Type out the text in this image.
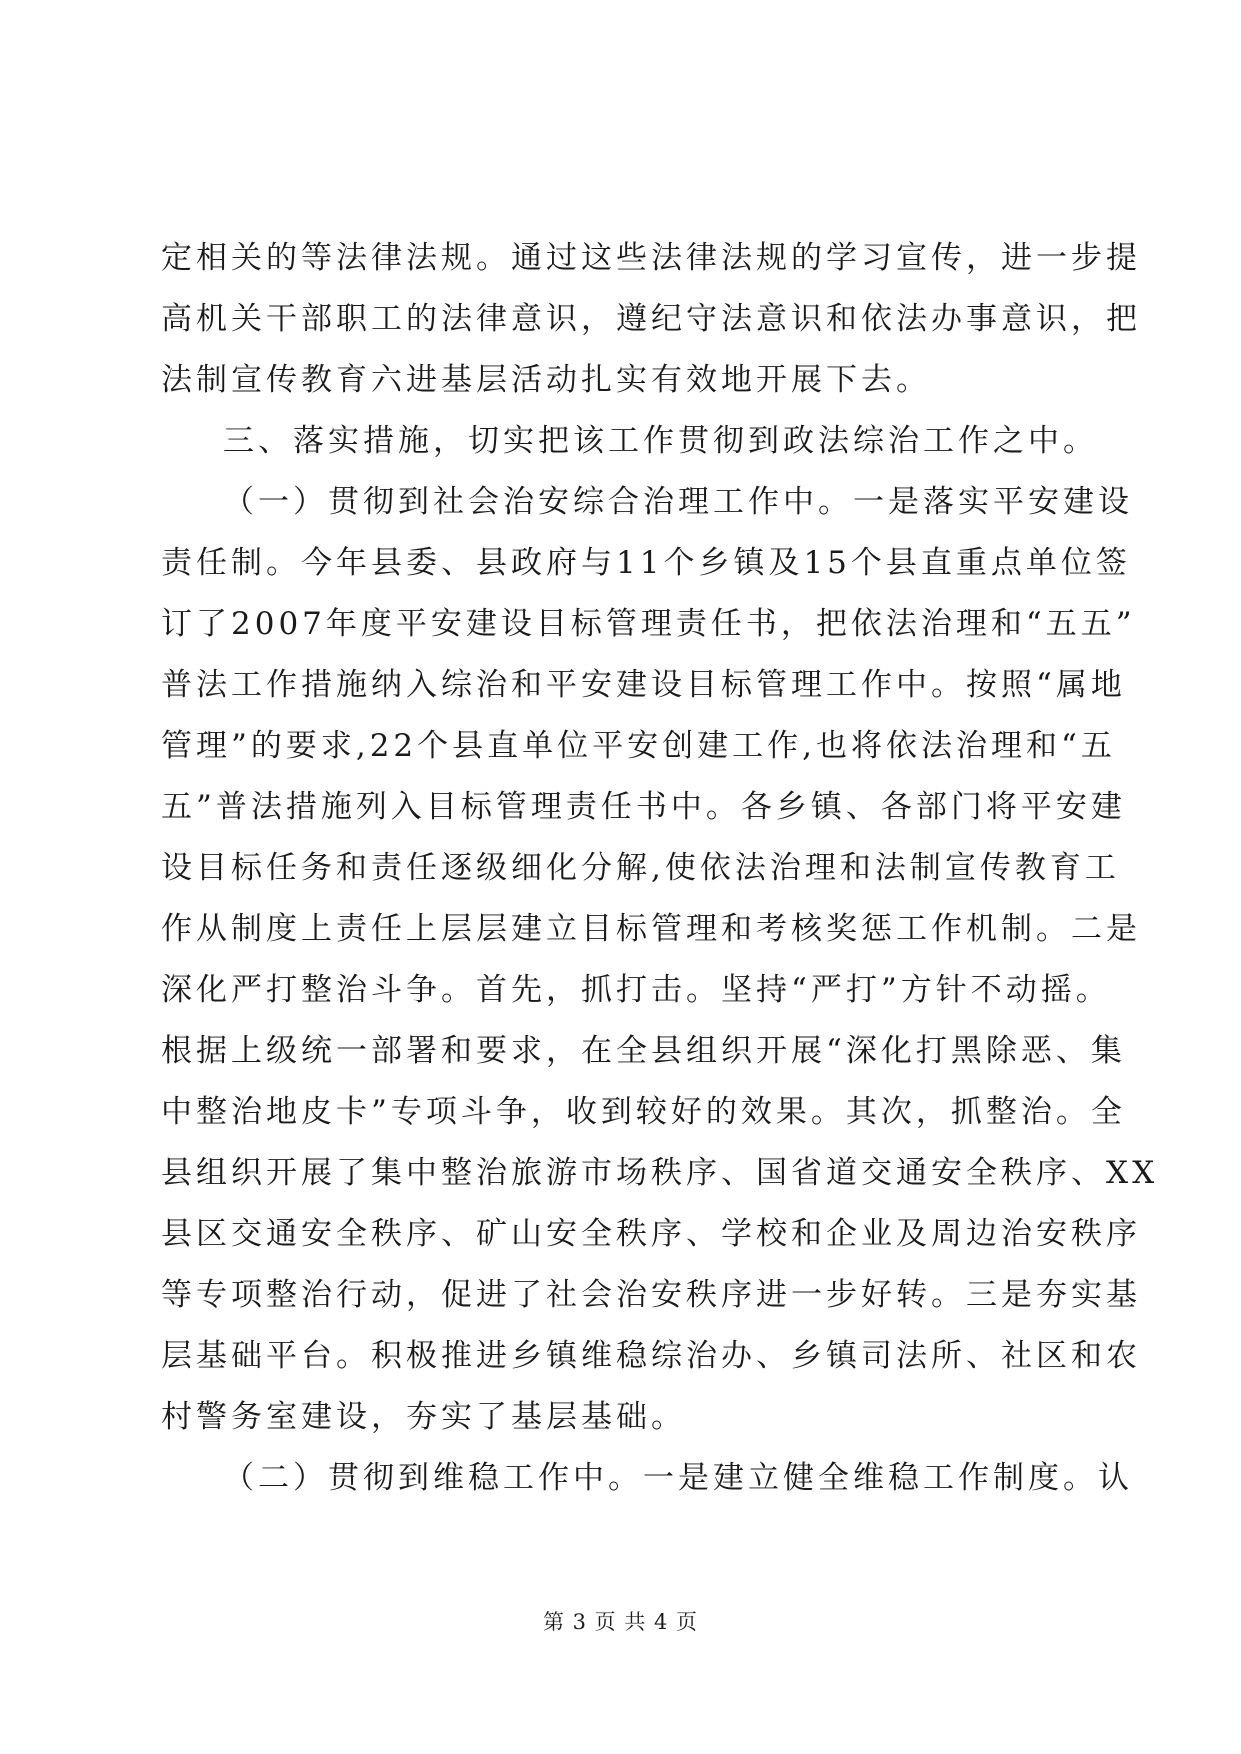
定相关的等法律法规。通过这些法律法规的学习宣传，进一步提
高机关干部职工的法律意识，遵纪守法意识和依法办事意识，把
法制宣传教育六进基层活动扎实有效地开展下去。
三、落实措施，切实把该工作贯彻到政法综治工作之中。
（一）贯彻到社会治安综合治理工作中。一是落实平安建设
责任制。今年县委、县政府与11个乡镇及15个县直重点单位签
订了2007年度平安建设目标管理责任书，把依法治理和“五五”
普法工作措施纳入综治和平安建设目标管理工作中。按照“属地
管理”的要求,22个县直单位平安创建工作,也将依法治理和“五
五”普法措施列入目标管理责任书中。各乡镇、各部门将平安建
设目标任务和责任逐级细化分解,使依法治理和法制宣传教育工
作从制度上责任上层层建立目标管理和考核奖惩工作机制。二是
深化严打整治斗争。首先，抓打击。坚持“严打”方针不动摇。
根据上级统一部署和要求，在全县组织开展“深化打黑除恶、集
中整治地皮卡”专项斗争，收到较好的效果。其次，抓整治。全
县组织开展了集中整治旅游市场秩序、国省道交通安全秩序、XX
县区交通安全秩序、矿山安全秩序、学校和企业及周边治安秩序
等专项整治行动，促进了社会治安秩序进一步好转。三是夯实基
层基础平台。积极推进乡镇维稳综治办、乡镇司法所、社区和农
村警务室建设，夯实了基层基础。
（二）贯彻到维稳工作中。一是建立健全维稳工作制度。认
第 3 页 共 4 页
